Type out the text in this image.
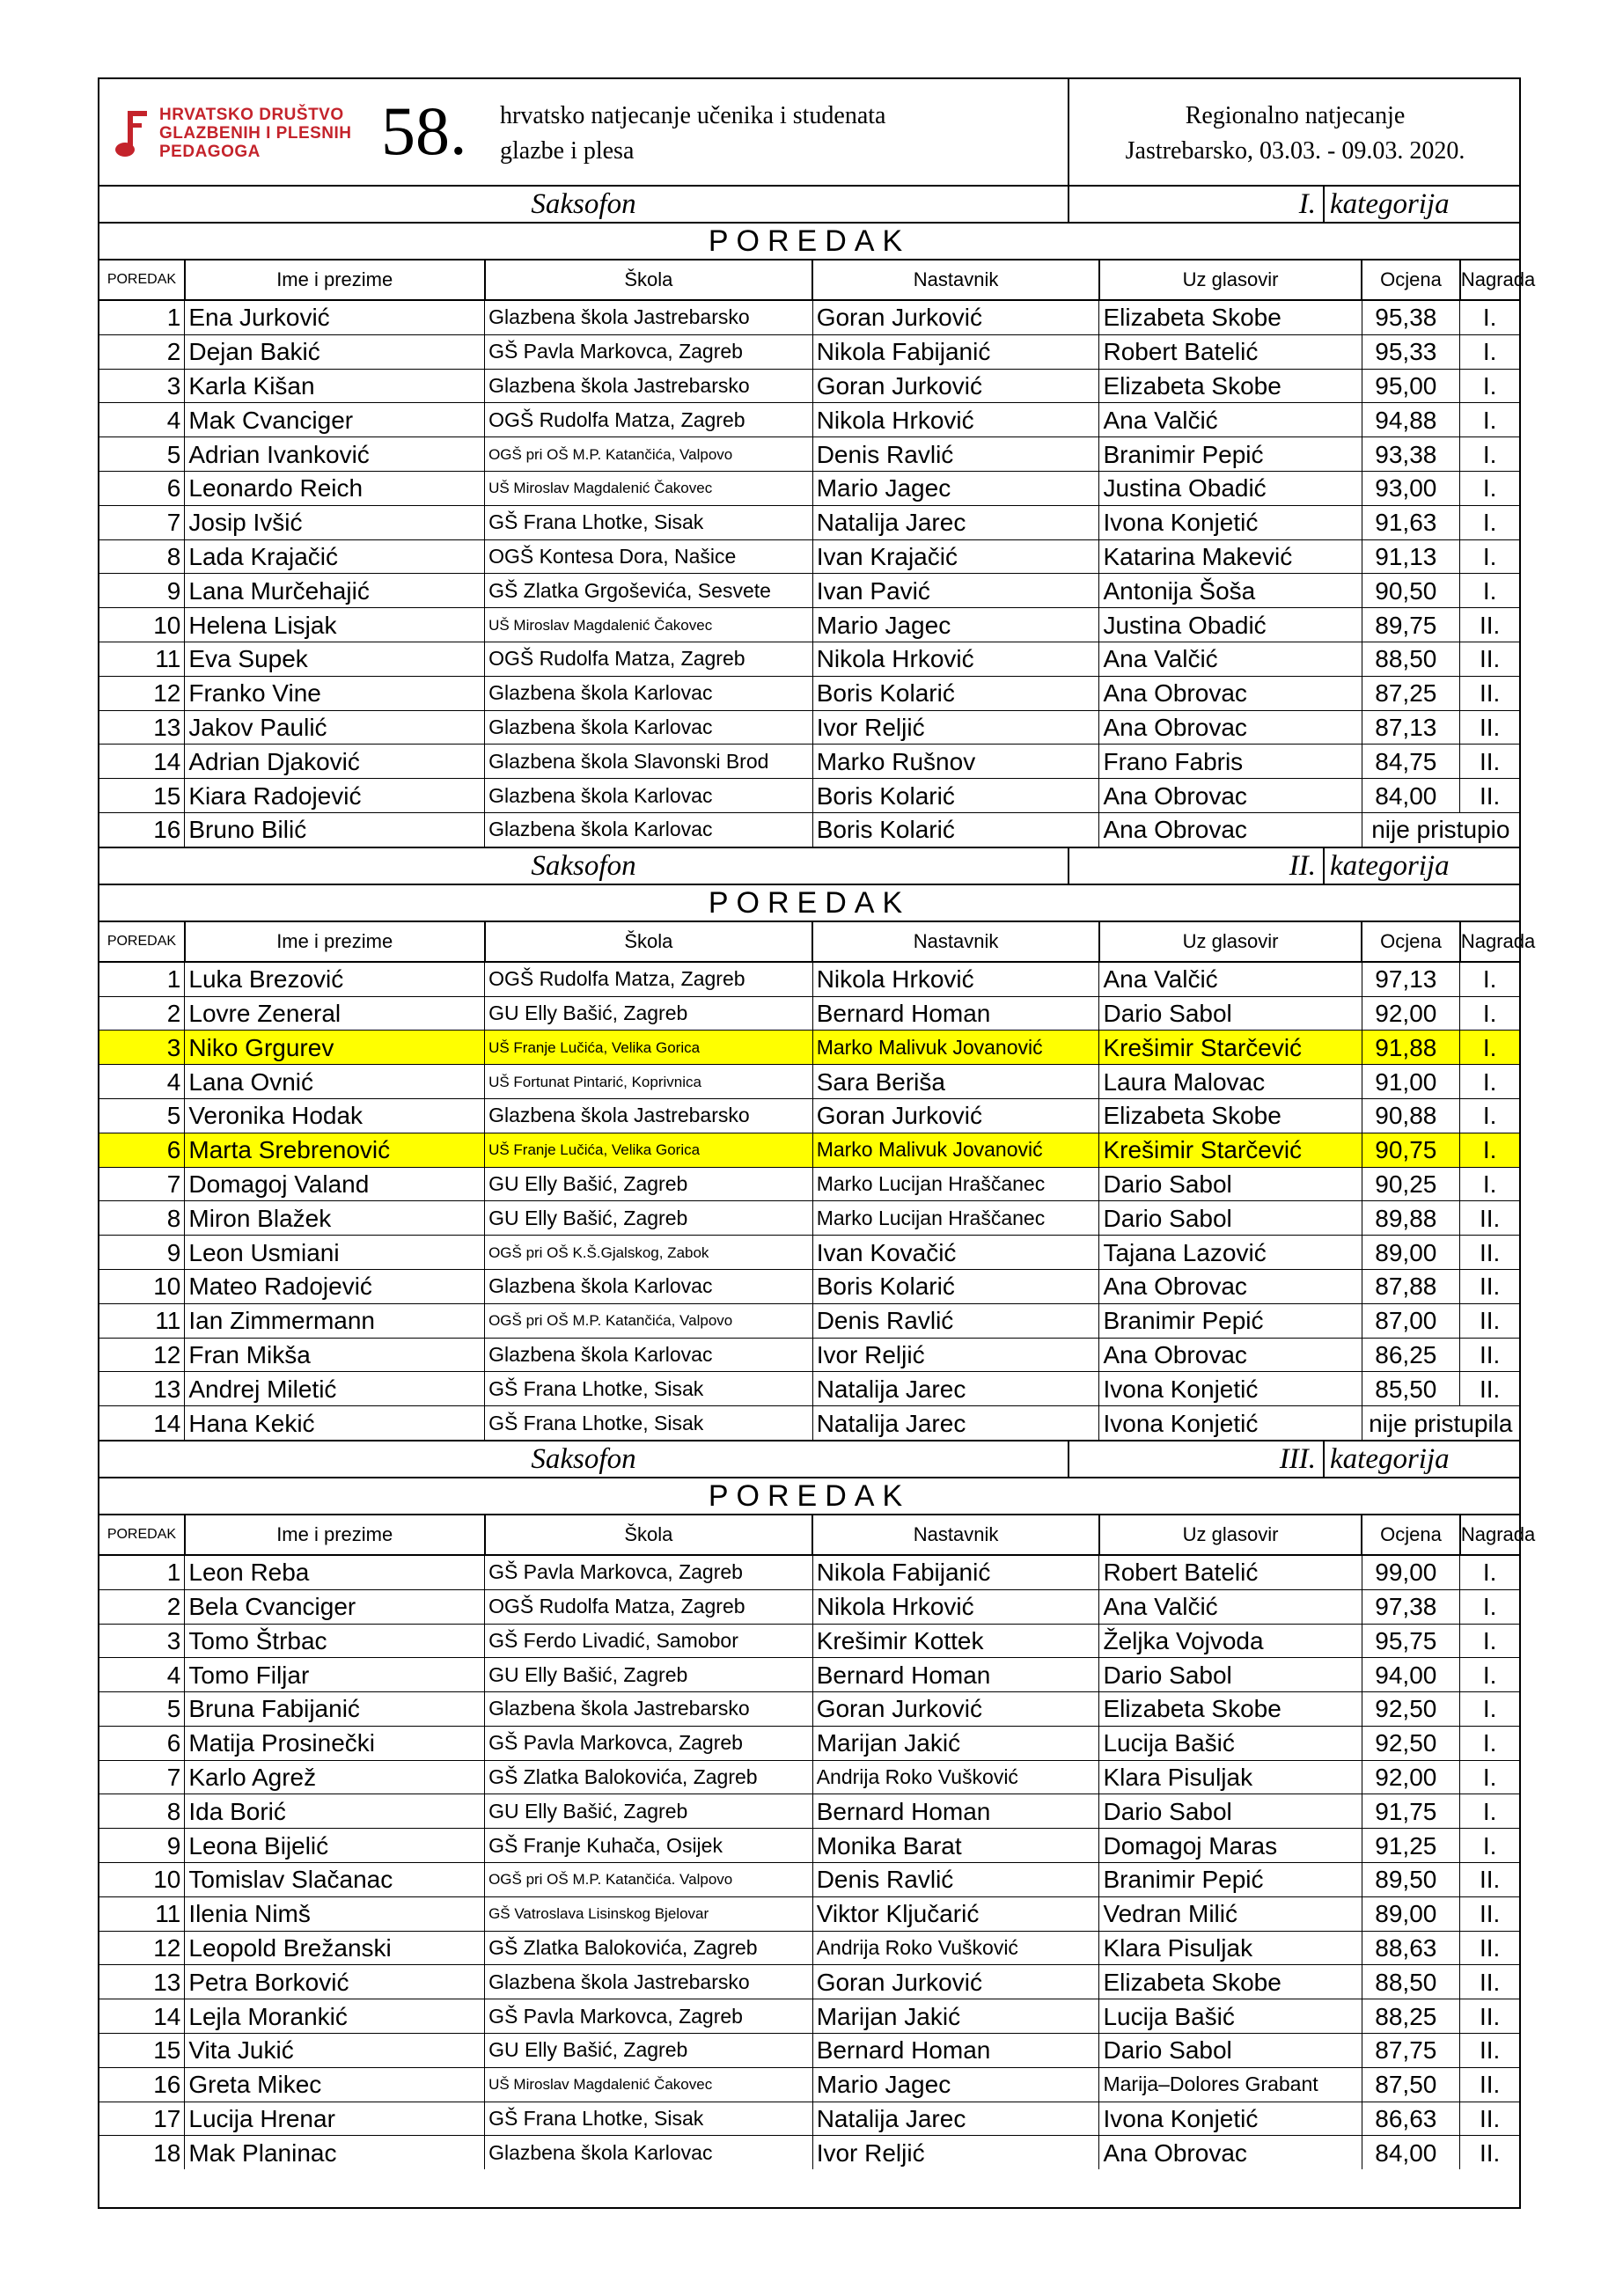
HRVATSKO DRUŠTVO
GLAZBENIH I PLESNIH
PEDAGOGA	58. hrvatsko natjecanje učenika i studenata
glazbe i plesa
Regionalno natjecanje
Jastrebarsko, 03.03. - 09.03. 2020.
Saksofon	I. kategorija
POREDAK
POREDAK	Ime i prezime	Škola	Nastavnik	Uz glasovir	Ocjena	Nagrada
1	Ena Jurković	Glazbena škola Jastrebarsko	Goran Jurković	Elizabeta Skobe	95,38	I.
2	Dejan Bakić	GŠ Pavla Markovca, Zagreb	Nikola Fabijanić	Robert Batelić	95,33	I.
3	Karla Kišan	Glazbena škola Jastrebarsko	Goran Jurković	Elizabeta Skobe	95,00	I.
4	Mak Cvanciger	OGŠ Rudolfa Matza, Zagreb	Nikola Hrković	Ana Valčić	94,88	I.
5	Adrian Ivanković	OGŠ pri OŠ M.P. Katančića, Valpovo	Denis Ravlić	Branimir Pepić	93,38	I.
6	Leonardo Reich	UŠ Miroslav Magdalenić Čakovec	Mario Jagec	Justina Obadić	93,00	I.
7	Josip Ivšić	GŠ Frana Lhotke, Sisak	Natalija Jarec	Ivona Konjetić	91,63	I.
8	Lada Krajačić	OGŠ Kontesa Dora, Našice	Ivan Krajačić	Katarina Makević	91,13	I.
9	Lana Murčehajić	GŠ Zlatka Grgoševića, Sesvete	Ivan Pavić	Antonija Šoša	90,50	I.
10	Helena Lisjak	UŠ Miroslav Magdalenić Čakovec	Mario Jagec	Justina Obadić	89,75	II.
11	Eva Supek	OGŠ Rudolfa Matza, Zagreb	Nikola Hrković	Ana Valčić	88,50	II.
12	Franko Vine	Glazbena škola Karlovac	Boris Kolarić	Ana Obrovac	87,25	II.
13	Jakov Paulić	Glazbena škola Karlovac	Ivor Reljić	Ana Obrovac	87,13	II.
14	Adrian Djaković	Glazbena škola Slavonski Brod	Marko Rušnov	Frano Fabris	84,75	II.
15	Kiara Radojević	Glazbena škola Karlovac	Boris Kolarić	Ana Obrovac	84,00	II.
16	Bruno Bilić	Glazbena škola Karlovac	Boris Kolarić	Ana Obrovac	nije pristupio	
Saksofon	II. kategorija
POREDAK
POREDAK	Ime i prezime	Škola	Nastavnik	Uz glasovir	Ocjena	Nagrada
1	Luka Brezović	OGŠ Rudolfa Matza, Zagreb	Nikola Hrković	Ana Valčić	97,13	I.
2	Lovre Zeneral	GU Elly Bašić, Zagreb	Bernard Homan	Dario Sabol	92,00	I.
3	Niko Grgurev	UŠ Franje Lučića, Velika Gorica	Marko Malivuk Jovanović	Krešimir Starčević	91,88	I.
4	Lana Ovnić	UŠ Fortunat Pintarić, Koprivnica	Sara Beriša	Laura Malovac	91,00	I.
5	Veronika Hodak	Glazbena škola Jastrebarsko	Goran Jurković	Elizabeta Skobe	90,88	I.
6	Marta Srebrenović	UŠ Franje Lučića, Velika Gorica	Marko Malivuk Jovanović	Krešimir Starčević	90,75	I.
7	Domagoj Valand	GU Elly Bašić, Zagreb	Marko Lucijan Hraščanec	Dario Sabol	90,25	I.
8	Miron Blažek	GU Elly Bašić, Zagreb	Marko Lucijan Hraščanec	Dario Sabol	89,88	II.
9	Leon Usmiani	OGŠ pri OŠ K.Š.Gjalskog, Zabok	Ivan Kovačić	Tajana Lazović	89,00	II.
10	Mateo Radojević	Glazbena škola Karlovac	Boris Kolarić	Ana Obrovac	87,88	II.
11	Ian Zimmermann	OGŠ pri OŠ M.P. Katančića, Valpovo	Denis Ravlić	Branimir Pepić	87,00	II.
12	Fran Mikša	Glazbena škola Karlovac	Ivor Reljić	Ana Obrovac	86,25	II.
13	Andrej Miletić	GŠ Frana Lhotke, Sisak	Natalija Jarec	Ivona Konjetić	85,50	II.
14	Hana Kekić	GŠ Frana Lhotke, Sisak	Natalija Jarec	Ivona Konjetić	nije pristupila	
Saksofon	III. kategorija
POREDAK
POREDAK	Ime i prezime	Škola	Nastavnik	Uz glasovir	Ocjena	Nagrada
1	Leon Reba	GŠ Pavla Markovca, Zagreb	Nikola Fabijanić	Robert Batelić	99,00	I.
2	Bela Cvanciger	OGŠ Rudolfa Matza, Zagreb	Nikola Hrković	Ana Valčić	97,38	I.
3	Tomo Štrbac	GŠ Ferdo Livadić, Samobor	Krešimir Kottek	Željka Vojvoda	95,75	I.
4	Tomo Filjar	GU Elly Bašić, Zagreb	Bernard Homan	Dario Sabol	94,00	I.
5	Bruna Fabijanić	Glazbena škola Jastrebarsko	Goran Jurković	Elizabeta Skobe	92,50	I.
6	Matija Prosinečki	GŠ Pavla Markovca, Zagreb	Marijan Jakić	Lucija Bašić	92,50	I.
7	Karlo Agrež	GŠ Zlatka Balokovića, Zagreb	Andrija Roko Vušković	Klara Pisuljak	92,00	I.
8	Ida Borić	GU Elly Bašić, Zagreb	Bernard Homan	Dario Sabol	91,75	I.
9	Leona Bijelić	GŠ Franje Kuhača, Osijek	Monika Barat	Domagoj Maras	91,25	I.
10	Tomislav Slačanac	OGŠ pri OŠ M.P. Katančića. Valpovo	Denis Ravlić	Branimir Pepić	89,50	II.
11	Ilenia Nimš	GŠ Vatroslava Lisinskog Bjelovar	Viktor Ključarić	Vedran Milić	89,00	II.
12	Leopold Brežanski	GŠ Zlatka Balokovića, Zagreb	Andrija Roko Vušković	Klara Pisuljak	88,63	II.
13	Petra Borković	Glazbena škola Jastrebarsko	Goran Jurković	Elizabeta Skobe	88,50	II.
14	Lejla Morankić	GŠ Pavla Markovca, Zagreb	Marijan Jakić	Lucija Bašić	88,25	II.
15	Vita Jukić	GU Elly Bašić, Zagreb	Bernard Homan	Dario Sabol	87,75	II.
16	Greta Mikec	UŠ Miroslav Magdalenić Čakovec	Mario Jagec	Marija–Dolores Grabant	87,50	II.
17	Lucija Hrenar	GŠ Frana Lhotke, Sisak	Natalija Jarec	Ivona Konjetić	86,63	II.
18	Mak Planinac	Glazbena škola Karlovac	Ivor Reljić	Ana Obrovac	84,00	II.
